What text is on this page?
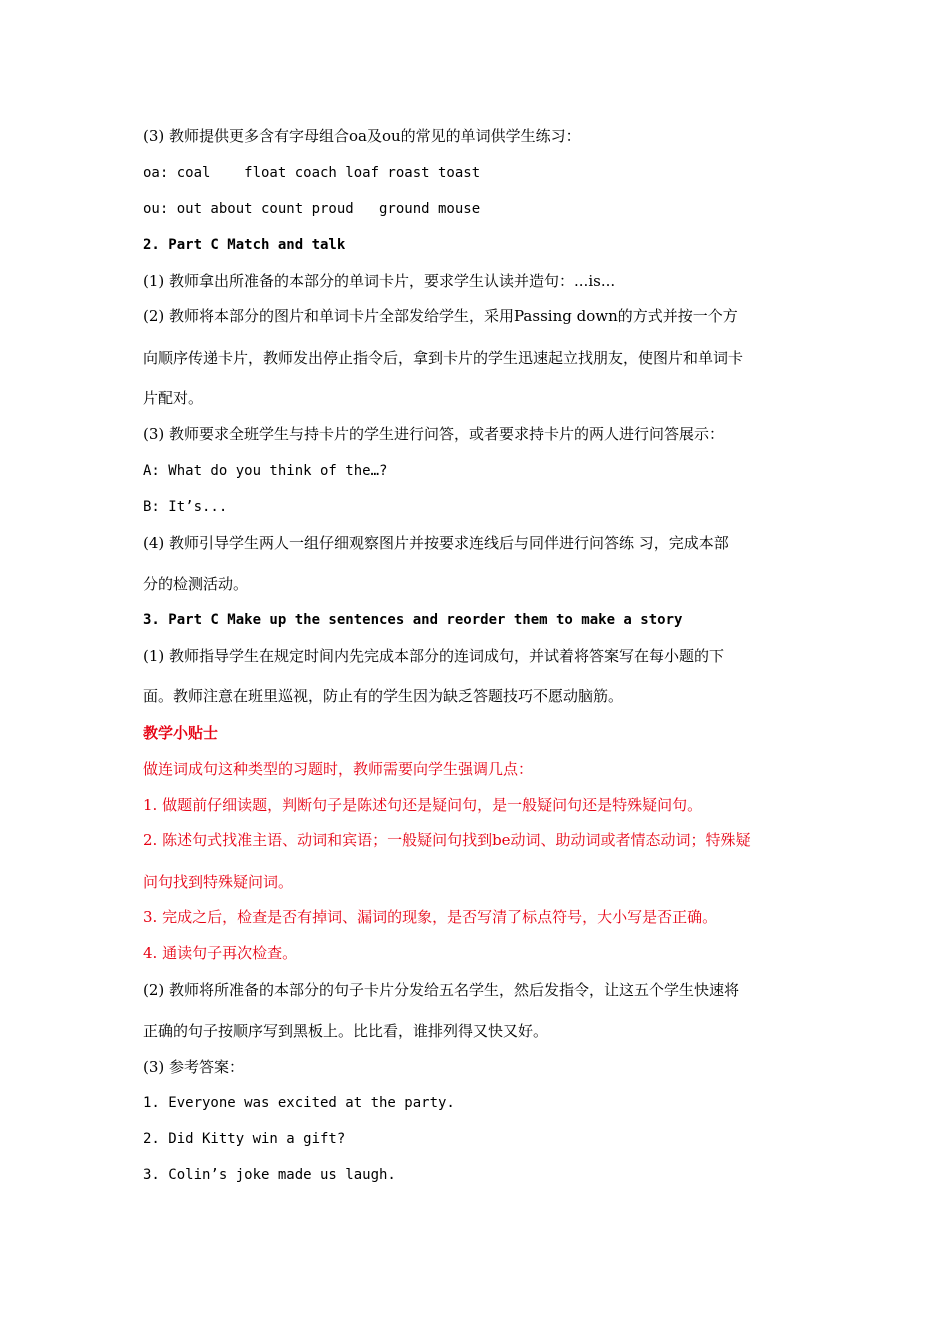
(3) 教师提供更多含有字母组合oa及ou的常见的单词供学生练习：
oa: coal    float coach loaf roast toast
ou: out about count proud   ground mouse
2. Part C Match and talk
(1) 教师拿出所准备的本部分的单词卡片，要求学生认读并造句：...is...
(2) 教师将本部分的图片和单词卡片全部发给学生，采用Passing down的方式并按一个方
向顺序传递卡片，教师发出停止指令后，拿到卡片的学生迅速起立找朋友，使图片和单词卡
片配对。
(3) 教师要求全班学生与持卡片的学生进行问答，或者要求持卡片的两人进行问答展示：
A: What do you think of the…?
B: It’s...
(4) 教师引导学生两人一组仔细观察图片并按要求连线后与同伴进行问答练 习，完成本部
分的检测活动。
3. Part C Make up the sentences and reorder them to make a story
(1) 教师指导学生在规定时间内先完成本部分的连词成句，并试着将答案写在每小题的下
面。教师注意在班里巡视，防止有的学生因为缺乏答题技巧不愿动脑筋。
教学小贴士
做连词成句这种类型的习题时，教师需要向学生强调几点：
1. 做题前仔细读题，判断句子是陈述句还是疑问句，是一般疑问句还是特殊疑问句。
2. 陈述句式找准主语、动词和宾语；一般疑问句找到be动词、助动词或者情态动词；特殊疑
问句找到特殊疑问词。
3. 完成之后，检查是否有掉词、漏词的现象，是否写清了标点符号，大小写是否正确。
4. 通读句子再次检查。
(2) 教师将所准备的本部分的句子卡片分发给五名学生，然后发指令，让这五个学生快速将
正确的句子按顺序写到黑板上。比比看，谁排列得又快又好。
(3) 参考答案：
1. Everyone was excited at the party.
2. Did Kitty win a gift?
3. Colin’s joke made us laugh.
